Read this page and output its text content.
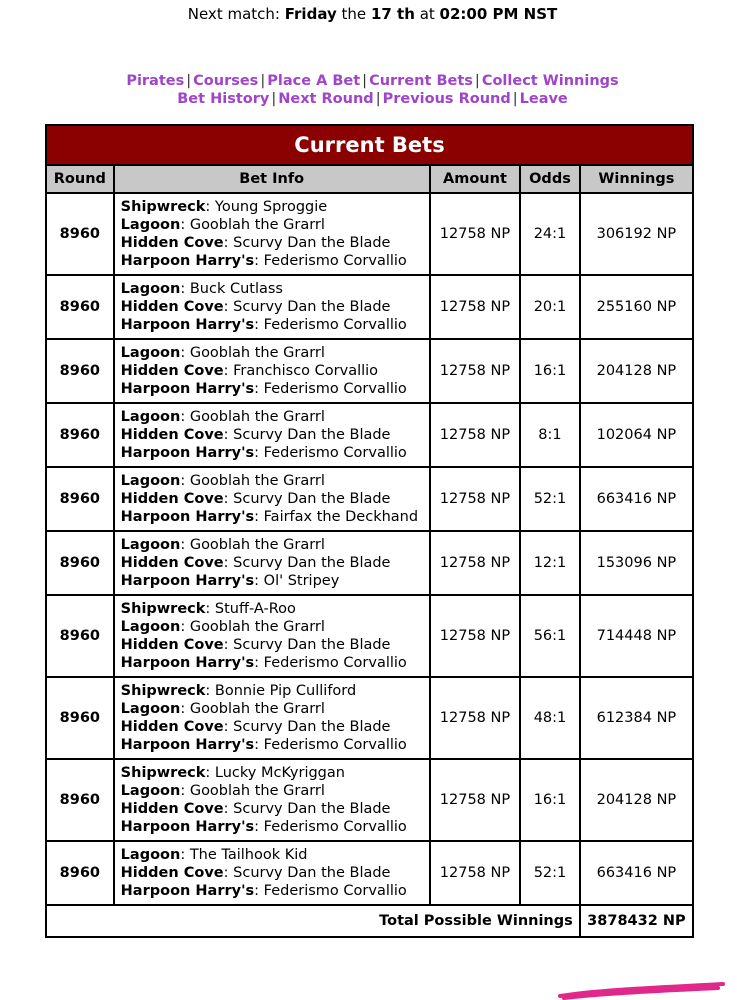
Next match: Friday the 17 th at 02:00 PM NST
Pirates | Courses | Place A Bet | Current Bets | Collect Winnings
Bet History | Next Round | Previous Round | Leave
Current Bets				
Round	Bet Info	Amount	Odds	Winnings
8960	Shipwreck: Young Sproggie
Lagoon: Gooblah the Grarrl
Hidden Cove: Scurvy Dan the Blade
Harpoon Harry's: Federismo Corvallio	12758 NP	24:1	306192 NP
8960	Lagoon: Buck Cutlass
Hidden Cove: Scurvy Dan the Blade
Harpoon Harry's: Federismo Corvallio	12758 NP	20:1	255160 NP
8960	Lagoon: Gooblah the Grarrl
Hidden Cove: Franchisco Corvallio
Harpoon Harry's: Federismo Corvallio	12758 NP	16:1	204128 NP
8960	Lagoon: Gooblah the Grarrl
Hidden Cove: Scurvy Dan the Blade
Harpoon Harry's: Federismo Corvallio	12758 NP	8:1	102064 NP
8960	Lagoon: Gooblah the Grarrl
Hidden Cove: Scurvy Dan the Blade
Harpoon Harry's: Fairfax the Deckhand	12758 NP	52:1	663416 NP
8960	Lagoon: Gooblah the Grarrl
Hidden Cove: Scurvy Dan the Blade
Harpoon Harry's: Ol' Stripey	12758 NP	12:1	153096 NP
8960	Shipwreck: Stuff-A-Roo
Lagoon: Gooblah the Grarrl
Hidden Cove: Scurvy Dan the Blade
Harpoon Harry's: Federismo Corvallio	12758 NP	56:1	714448 NP
8960	Shipwreck: Bonnie Pip Culliford
Lagoon: Gooblah the Grarrl
Hidden Cove: Scurvy Dan the Blade
Harpoon Harry's: Federismo Corvallio	12758 NP	48:1	612384 NP
8960	Shipwreck: Lucky McKyriggan
Lagoon: Gooblah the Grarrl
Hidden Cove: Scurvy Dan the Blade
Harpoon Harry's: Federismo Corvallio	12758 NP	16:1	204128 NP
8960	Lagoon: The Tailhook Kid
Hidden Cove: Scurvy Dan the Blade
Harpoon Harry's: Federismo Corvallio	12758 NP	52:1	663416 NP
Total Possible Winnings				3878432 NP
